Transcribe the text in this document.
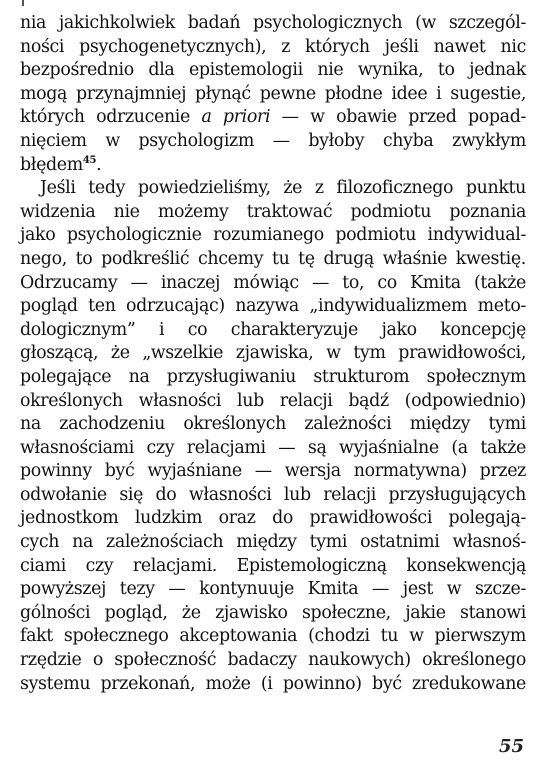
nia jakichkolwiek badań psychologicznych (w szczegól-
ności psychogenetycznych), z których jeśli nawet nic
bezpośrednio dla epistemologii nie wynika, to jednak
mogą przynajmniej płynąć pewne płodne idee i sugestie,
których odrzucenie a priori — w obawie przed popad-
nięciem w psychologizm — byłoby chyba zwykłym
błędem$^{45}$.
Jeśli tedy powiedzieliśmy, że z filozoficznego punktu
widzenia nie możemy traktować podmiotu poznania
jako psychologicznie rozumianego podmiotu indywidual-
nego, to podkreślić chcemy tu tę drugą właśnie kwestię.
Odrzucamy — inaczej mówiąc — to, co Kmita (także
pogląd ten odrzucając) nazywa „indywidualizmem meto-
dologicznym” i co charakteryzuje jako koncepcję
głoszącą, że „wszelkie zjawiska, w tym prawidłowości,
polegające na przysługiwaniu strukturom społecznym
określonych własności lub relacji bądź (odpowiednio)
na zachodzeniu określonych zależności między tymi
własnościami czy relacjami — są wyjaśnialne (a także
powinny być wyjaśniane — wersja normatywna) przez
odwołanie się do własności lub relacji przysługujących
jednostkom ludzkim oraz do prawidłowości polegają-
cych na zależnościach między tymi ostatnimi własnoś-
ciami czy relacjami. Epistemologiczną konsekwencją
powyższej tezy — kontynuuje Kmita — jest w szcze-
gólności pogląd, że zjawisko społeczne, jakie stanowi
fakt społecznego akceptowania (chodzi tu w pierwszym
rzędzie o społeczność badaczy naukowych) określonego
systemu przekonań, może (i powinno) być zredukowane
55
